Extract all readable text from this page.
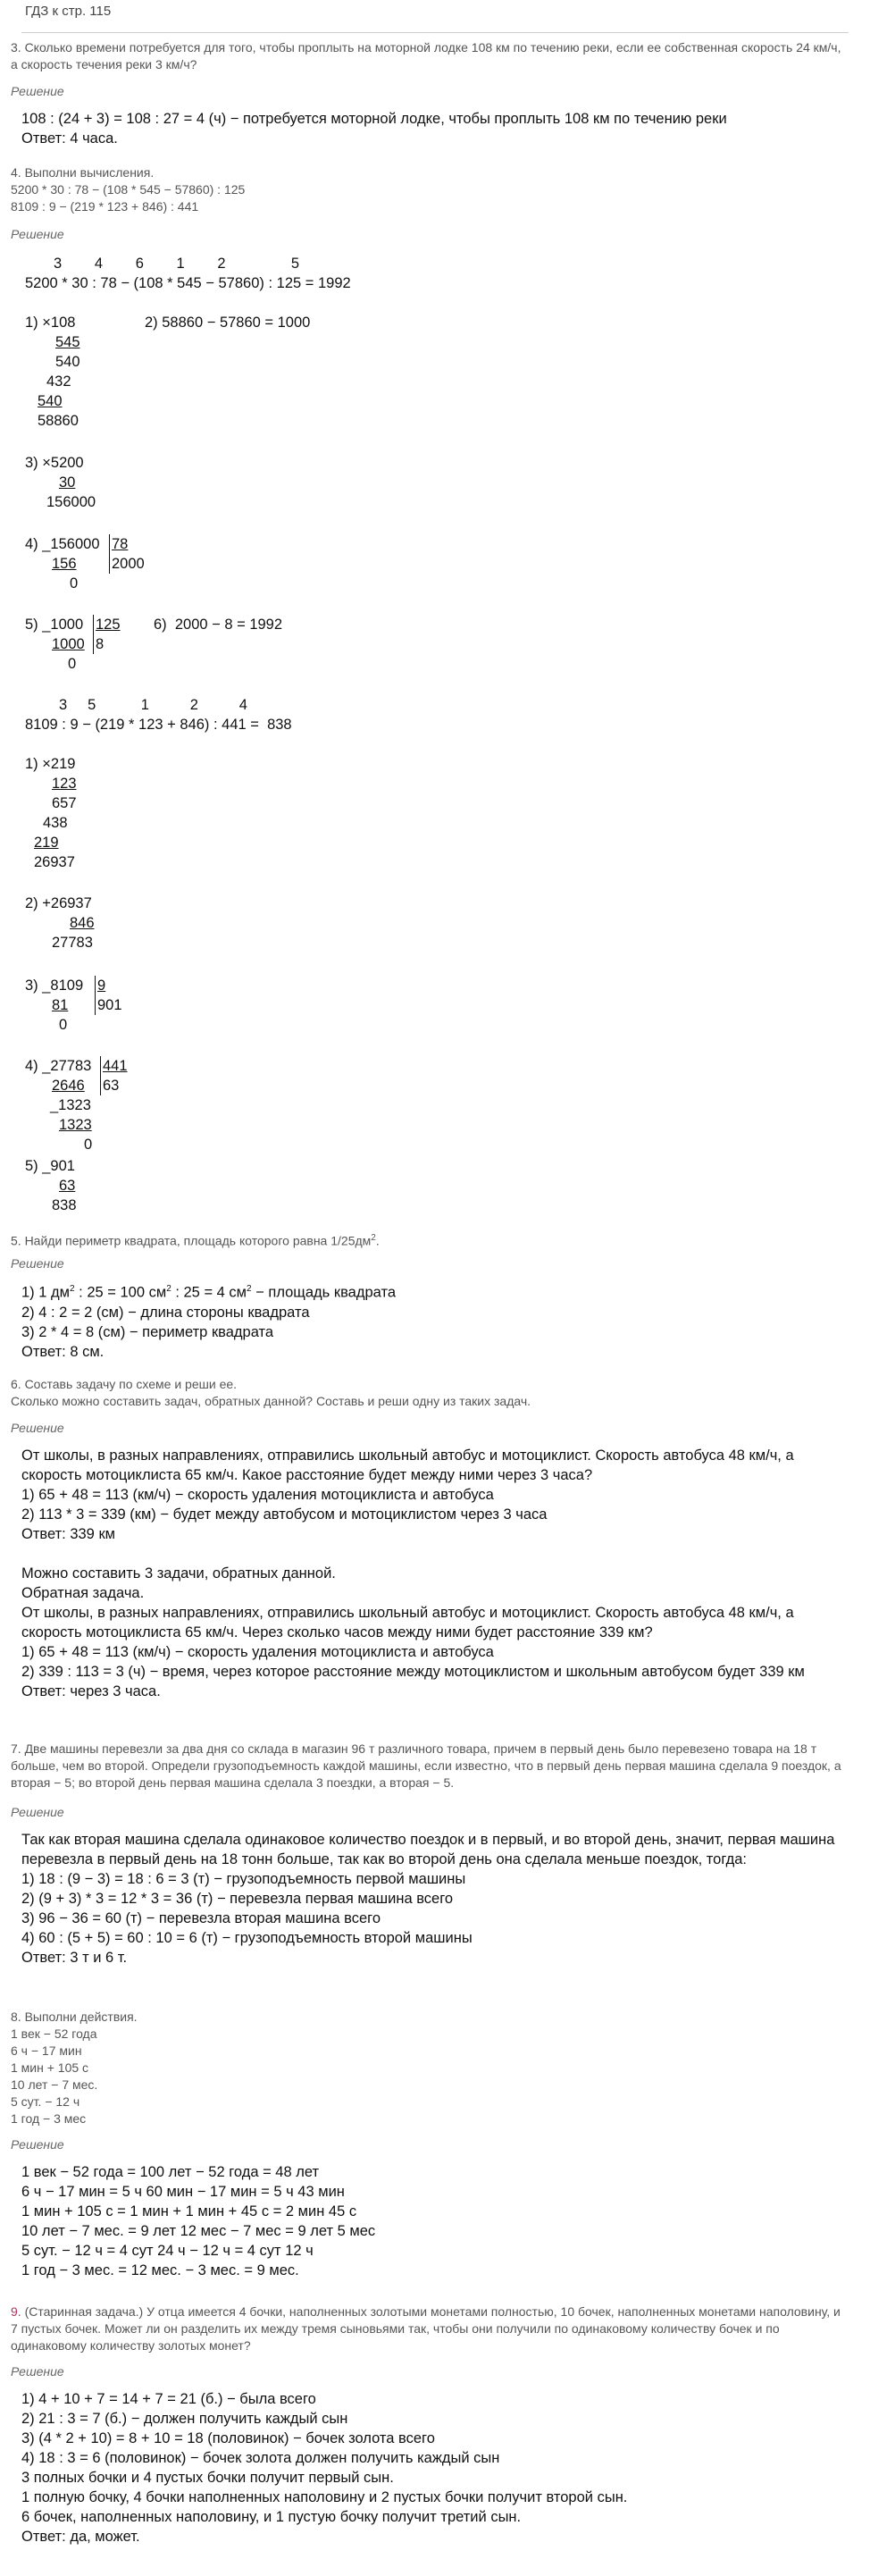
ГДЗ к стр. 115
3. Сколько времени потребуется для того, чтобы проплыть на моторной лодке 108 км по течению реки, если ее собственная скорость 24 км/ч, а скорость течения реки 3 км/ч?
Решение
108 : (24 + 3) = 108 : 27 = 4 (ч) − потребуется моторной лодке, чтобы проплыть 108 км по течению реки
Ответ: 4 часа.
4. Выполни вычисления.
5200 * 30 : 78 − (108 * 545 − 57860) : 125
8109 : 9 − (219 * 123 + 846) : 441
Решение
3        4        6        1        2                5
5200 * 30 : 78 − (108 * 545 − 57860) : 125 = 1992
1) ×108
545
540
432
540
58860
2) 58860 − 57860 = 1000
3) ×5200
30
156000
4) _156000 78
156 2000
0
5) _1000 125
1000 8
0
6)  2000 − 8 = 1992
3     5           1          2          4
8109 : 9 − (219 * 123 + 846) : 441 =  838
1) ×219
123
657
438
219
26937
2) +26937
846
27783
3) _8109 9
81 901
0
4) _27783 441
2646 63
_1323
1323
0
5) _901
63
838
5. Найди периметр квадрата, площадь которого равна $1/25дм^2$.
Решение
1) 1 $дм^2$ : 25 = 100 $см^2$ : 25 = 4 $см^2$ − площадь квадрата
2) 4 : 2 = 2 (см) − длина стороны квадрата
3) 2 * 4 = 8 (см) − периметр квадрата
Ответ: 8 см.
6. Составь задачу по схеме и реши ее.
Сколько можно составить задач, обратных данной? Составь и реши одну из таких задач.
Решение
От школы, в разных направлениях, отправились школьный автобус и мотоциклист. Скорость автобуса 48 км/ч, а скорость мотоциклиста 65 км/ч. Какое расстояние будет между ними через 3 часа?
1) 65 + 48 = 113 (км/ч) − скорость удаления мотоциклиста и автобуса
2) 113 * 3 = 339 (км) − будет между автобусом и мотоциклистом через 3 часа
Ответ: 339 км
Можно составить 3 задачи, обратных данной.
Обратная задача.
От школы, в разных направлениях, отправились школьный автобус и мотоциклист. Скорость автобуса 48 км/ч, а скорость мотоциклиста 65 км/ч. Через сколько часов между ними будет расстояние 339 км?
1) 65 + 48 = 113 (км/ч) − скорость удаления мотоциклиста и автобуса
2) 339 : 113 = 3 (ч) − время, через которое расстояние между мотоциклистом и школьным автобусом будет 339 км
Ответ: через 3 часа.
7. Две машины перевезли за два дня со склада в магазин 96 т различного товара, причем в первый день было перевезено товара на 18 т больше, чем во второй. Определи грузоподъемность каждой машины, если известно, что в первый день первая машина сделала 9 поездок, а вторая − 5; во второй день первая машина сделала 3 поездки, а вторая − 5.
Решение
Так как вторая машина сделала одинаковое количество поездок и в первый, и во второй день, значит, первая машина перевезла в первый день на 18 тонн больше, так как во второй день она сделала меньше поездок, тогда:
1) 18 : (9 − 3) = 18 : 6 = 3 (т) − грузоподъемность первой машины
2) (9 + 3) * 3 = 12 * 3 = 36 (т) − перевезла первая машина всего
3) 96 − 36 = 60 (т) − перевезла вторая машина всего
4) 60 : (5 + 5) = 60 : 10 = 6 (т) − грузоподъемность второй машины
Ответ: 3 т и 6 т.
8. Выполни действия.
1 век − 52 года
6 ч − 17 мин
1 мин + 105 с
10 лет − 7 мес.
5 сут. − 12 ч
1 год − 3 мес
Решение
1 век − 52 года = 100 лет − 52 года = 48 лет
6 ч − 17 мин = 5 ч 60 мин − 17 мин = 5 ч 43 мин
1 мин + 105 с = 1 мин + 1 мин + 45 с = 2 мин 45 с
10 лет − 7 мес. = 9 лет 12 мес − 7 мес = 9 лет 5 мес
5 сут. − 12 ч = 4 сут 24 ч − 12 ч = 4 сут 12 ч
1 год − 3 мес. = 12 мес. − 3 мес. = 9 мес.
9. (Старинная задача.) У отца имеется 4 бочки, наполненных золотыми монетами полностью, 10 бочек, наполненных монетами наполовину, и 7 пустых бочек. Может ли он разделить их между тремя сыновьями так, чтобы они получили по одинаковому количеству бочек и по одинаковому количеству золотых монет?
Решение
1) 4 + 10 + 7 = 14 + 7 = 21 (б.) − была всего
2) 21 : 3 = 7 (б.) − должен получить каждый сын
3) (4 * 2 + 10) = 8 + 10 = 18 (половинок) − бочек золота всего
4) 18 : 3 = 6 (половинок) − бочек золота должен получить каждый сын
3 полных бочки и 4 пустых бочки получит первый сын.
1 полную бочку, 4 бочки наполненных наполовину и 2 пустых бочки получит второй сын.
6 бочек, наполненных наполовину, и 1 пустую бочку получит третий сын.
Ответ: да, может.
